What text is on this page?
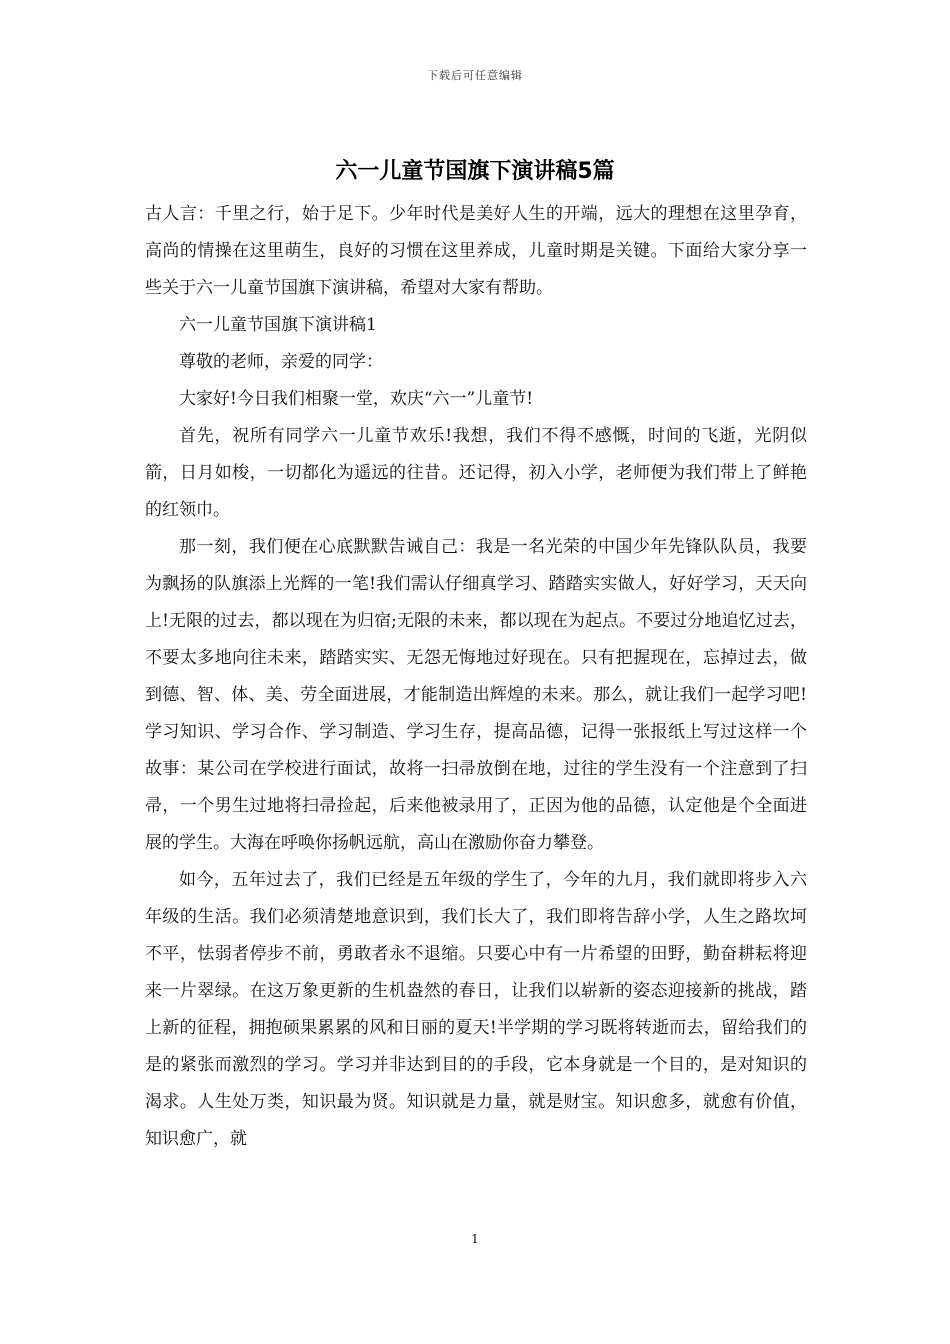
下载后可任意编辑
六一儿童节国旗下演讲稿5篇

古人言：千里之行，始于足下。少年时代是美好人生的开端，远大的理想在这里孕育，高尚的情操在这里萌生，良好的习惯在这里养成，儿童时期是关键。下面给大家分享一些关于六一儿童节国旗下演讲稿，希望对大家有帮助。

六一儿童节国旗下演讲稿1

尊敬的老师，亲爱的同学：

大家好!今日我们相聚一堂，欢庆“六一”儿童节!

首先，祝所有同学六一儿童节欢乐!我想，我们不得不感慨，时间的飞逝，光阴似箭，日月如梭，一切都化为遥远的往昔。还记得，初入小学，老师便为我们带上了鲜艳的红领巾。

那一刻，我们便在心底默默告诫自己：我是一名光荣的中国少年先锋队队员，我要为飘扬的队旗添上光辉的一笔!我们需认仔细真学习、踏踏实实做人，好好学习，天天向上!无限的过去，都以现在为归宿;无限的未来，都以现在为起点。不要过分地追忆过去，不要太多地向往未来，踏踏实实、无怨无悔地过好现在。只有把握现在，忘掉过去，做到德、智、体、美、劳全面进展，才能制造出辉煌的未来。那么，就让我们一起学习吧!学习知识、学习合作、学习制造、学习生存，提高品德，记得一张报纸上写过这样一个故事：某公司在学校进行面试，故将一扫帚放倒在地，过往的学生没有一个注意到了扫帚，一个男生过地将扫帚捡起，后来他被录用了，正因为他的品德，认定他是个全面进展的学生。大海在呼唤你扬帆远航，高山在激励你奋力攀登。

如今，五年过去了，我们已经是五年级的学生了，今年的九月，我们就即将步入六年级的生活。我们必须清楚地意识到，我们长大了，我们即将告辞小学，人生之路坎坷不平，怯弱者停步不前，勇敢者永不退缩。只要心中有一片希望的田野，勤奋耕耘将迎来一片翠绿。在这万象更新的生机盎然的春日，让我们以崭新的姿态迎接新的挑战，踏上新的征程，拥抱硕果累累的风和日丽的夏天!半学期的学习既将转逝而去，留给我们的是的紧张而激烈的学习。学习并非达到目的的手段，它本身就是一个目的，是对知识的渴求。人生处万类，知识最为贤。知识就是力量，就是财宝。知识愈多，就愈有价值，知识愈广，就

1
